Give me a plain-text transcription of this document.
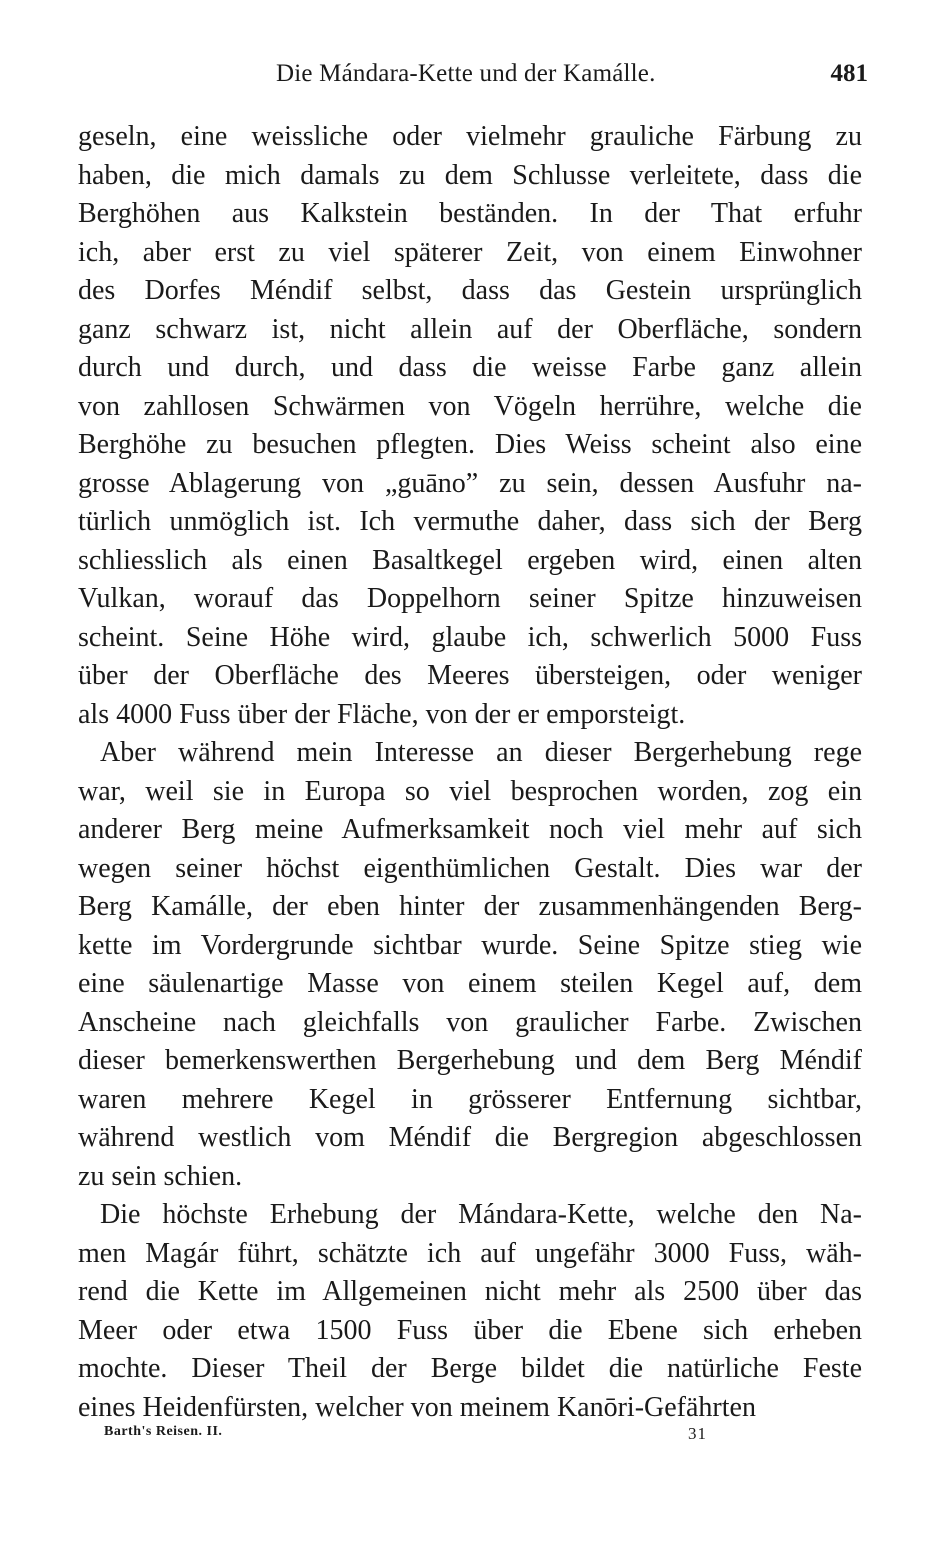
Die Mándara-Kette und der Kamálle.	481
geseln, eine weissliche oder vielmehr grauliche Färbung zu
haben, die mich damals zu dem Schlusse verleitete, dass die
Berghöhen aus Kalkstein beständen. In der That erfuhr
ich, aber erst zu viel späterer Zeit, von einem Einwohner
des Dorfes Méndif selbst, dass das Gestein ursprünglich
ganz schwarz ist, nicht allein auf der Oberfläche, sondern
durch und durch, und dass die weisse Farbe ganz allein
von zahllosen Schwärmen von Vögeln herrühre, welche die
Berghöhe zu besuchen pflegten. Dies Weiss scheint also eine
grosse Ablagerung von „guāno” zu sein, dessen Ausfuhr na-
türlich unmöglich ist. Ich vermuthe daher, dass sich der Berg
schliesslich als einen Basaltkegel ergeben wird, einen alten
Vulkan, worauf das Doppelhorn seiner Spitze hinzuweisen
scheint. Seine Höhe wird, glaube ich, schwerlich 5000 Fuss
über der Oberfläche des Meeres übersteigen, oder weniger
als 4000 Fuss über der Fläche, von der er emporsteigt.
Aber während mein Interesse an dieser Bergerhebung rege
war, weil sie in Europa so viel besprochen worden, zog ein
anderer Berg meine Aufmerksamkeit noch viel mehr auf sich
wegen seiner höchst eigenthümlichen Gestalt. Dies war der
Berg Kamálle, der eben hinter der zusammenhängenden Berg-
kette im Vordergrunde sichtbar wurde. Seine Spitze stieg wie
eine säulenartige Masse von einem steilen Kegel auf, dem
Anscheine nach gleichfalls von graulicher Farbe. Zwischen
dieser bemerkenswerthen Bergerhebung und dem Berg Méndif
waren mehrere Kegel in grösserer Entfernung sichtbar,
während westlich vom Méndif die Bergregion abgeschlossen
zu sein schien.
Die höchste Erhebung der Mándara-Kette, welche den Na-
men Magár führt, schätzte ich auf ungefähr 3000 Fuss, wäh-
rend die Kette im Allgemeinen nicht mehr als 2500 über das
Meer oder etwa 1500 Fuss über die Ebene sich erheben
mochte. Dieser Theil der Berge bildet die natürliche Feste
eines Heidenfürsten, welcher von meinem Kanōri-Gefährten
Barth's Reisen. II.	31
